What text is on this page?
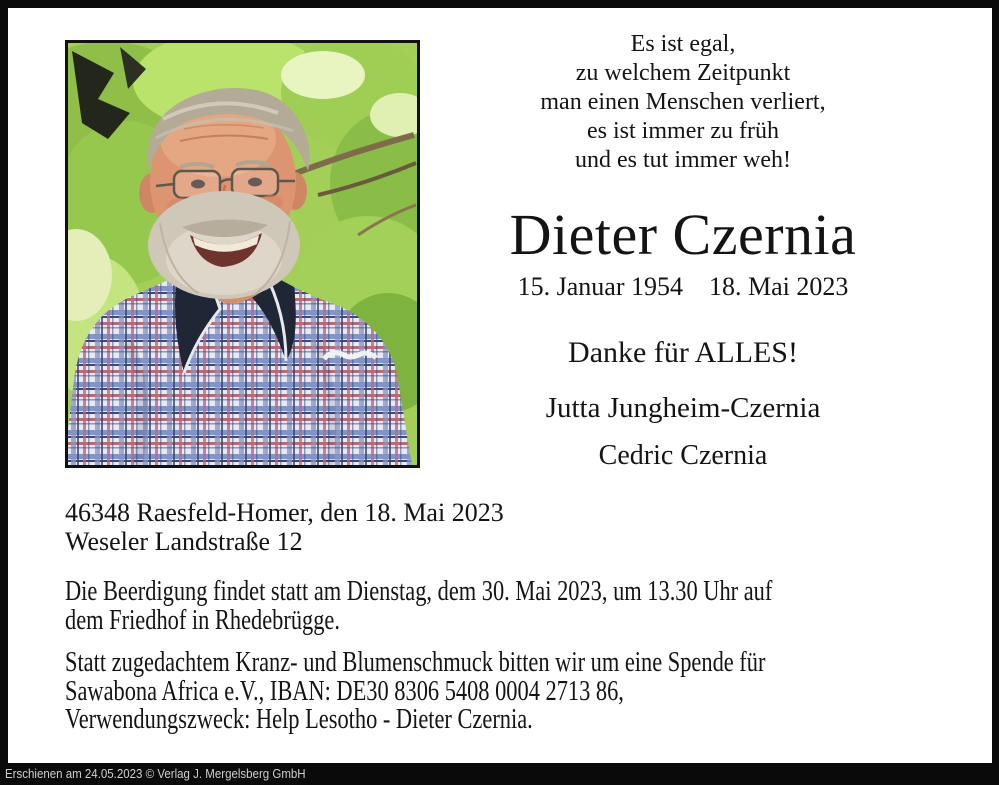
Es ist egal,
zu welchem Zeitpunkt
man einen Menschen verliert,
es ist immer zu früh
und es tut immer weh!
Dieter Czernia
15. Januar 1954 18. Mai 2023
Danke für ALLES!
Jutta Jungheim-Czernia
Cedric Czernia
46348 Raesfeld-Homer, den 18. Mai 2023
Weseler Landstraße 12
Die Beerdigung findet statt am Dienstag, dem 30. Mai 2023, um 13.30 Uhr auf
dem Friedhof in Rhedebrügge.
Statt zugedachtem Kranz- und Blumenschmuck bitten wir um eine Spende für
Sawabona Africa e.V., IBAN: DE30 8306 5408 0004 2713 86,
Verwendungszweck: Help Lesotho - Dieter Czernia.
Erschienen am 24.05.2023 © Verlag J. Mergelsberg GmbH
